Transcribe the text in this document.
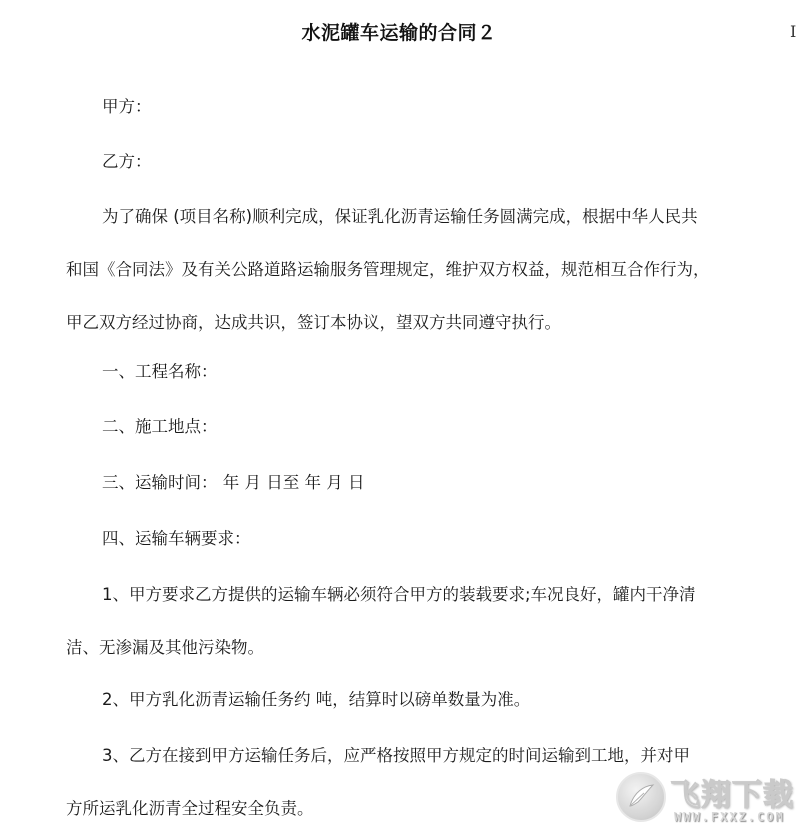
水泥罐车运输的合同２	I
甲方：
乙方：
为了确保 (项目名称)顺利完成，保证乳化沥青运输任务圆满完成，根据中华人民共
和国《合同法》及有关公路道路运输服务管理规定，维护双方权益，规范相互合作行为，
甲乙双方经过协商，达成共识，签订本协议，望双方共同遵守执行。
一、工程名称：
二、施工地点：
三、运输时间： 年 月 日至 年 月 日
四、运输车辆要求：
1、甲方要求乙方提供的运输车辆必须符合甲方的装载要求;车况良好，罐内干净清
洁、无渗漏及其他污染物。
2、甲方乳化沥青运输任务约 吨，结算时以磅单数量为准。
3、乙方在接到甲方运输任务后，应严格按照甲方规定的时间运输到工地，并对甲
方所运乳化沥青全过程安全负责。	飞翔下载
WWW.FXXZ.COM
